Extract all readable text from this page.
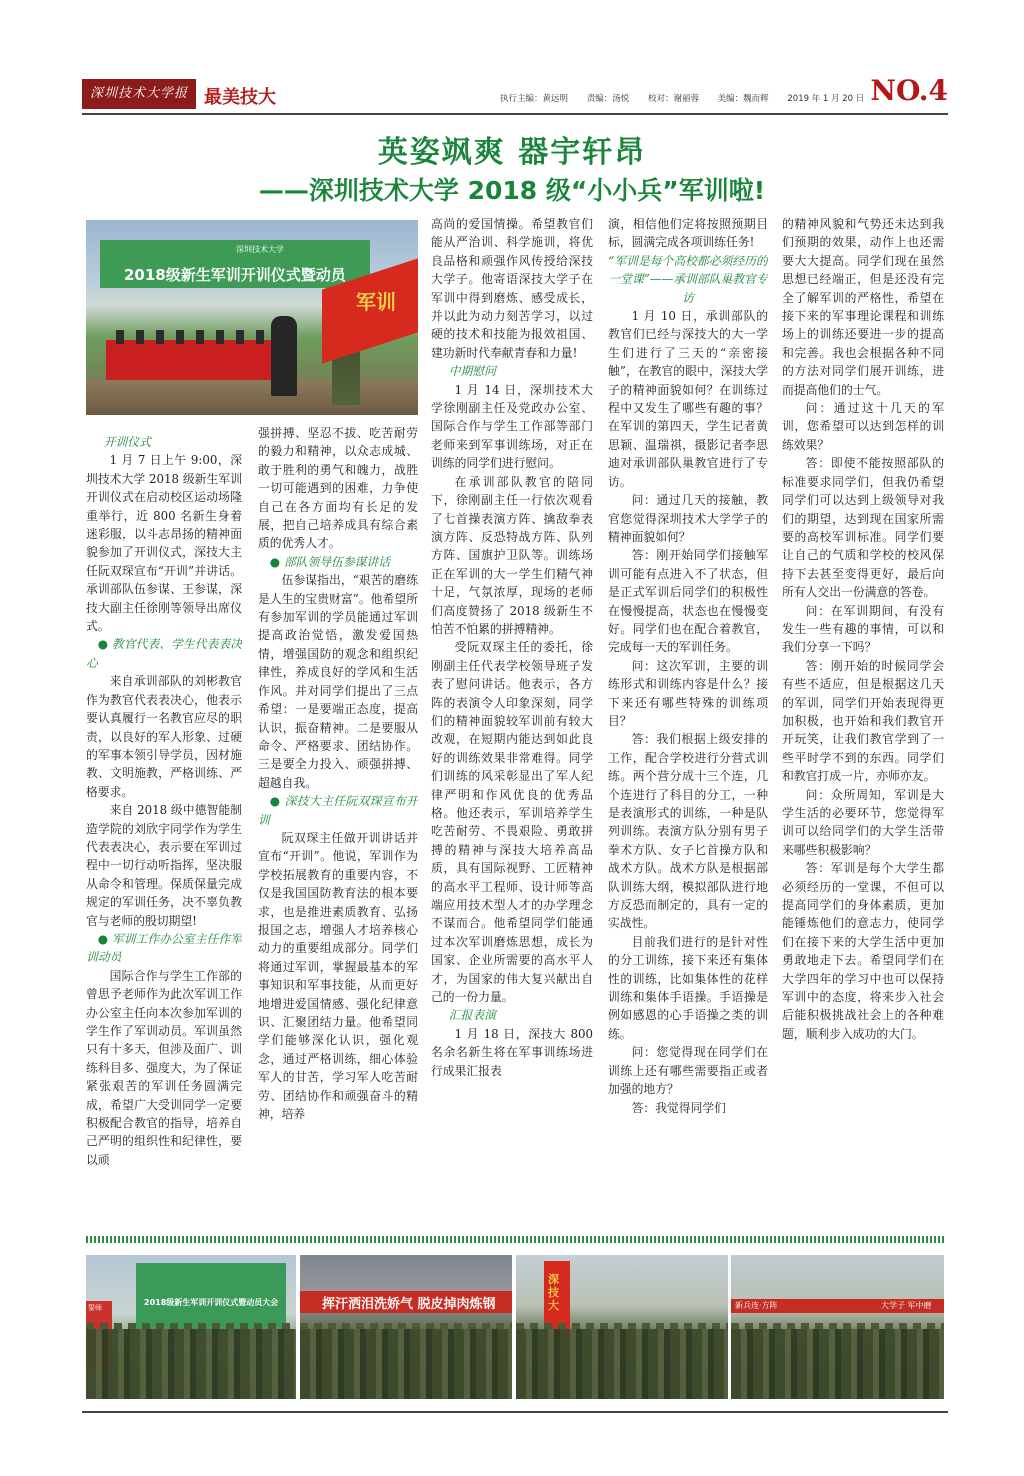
深圳技术大学报 最美技大	执行主编：黄远明 责编：汤悦 校对：谢丽蓉 美编：魏而辉 2019 年 1 月 20 日 NO.4
英姿飒爽 器宇轩昂
——深圳技术大学 2018 级“小小兵”军训啦!
2018级新生军训开训仪式暨动员
深圳技术大学
军训

开训仪式

1 月 7 日上午 9:00，深圳技术大学 2018 级新生军训开训仪式在启动校区运动场隆重举行，近 800 名新生身着迷彩服，以斗志昂扬的精神面貌参加了开训仪式，深技大主任阮双琛宣布“开训”并讲话。承训部队伍参谋、王参谋，深技大副主任徐刚等领导出席仪式。

● 教官代表、学生代表表决心

来自承训部队的刘彬教官作为教官代表表决心，他表示要认真履行一名教官应尽的职责，以良好的军人形象、过硬的军事本领引导学员，因材施教、文明施教，严格训练、严格要求。

来自 2018 级中德智能制造学院的刘欣宇同学作为学生代表表决心，表示要在军训过程中一切行动听指挥，坚决服从命令和管理。保质保量完成规定的军训任务，决不辜负教官与老师的殷切期望!

● 军训工作办公室主任作军训动员

国际合作与学生工作部的曾思予老师作为此次军训工作办公室主任向本次参加军训的学生作了军训动员。军训虽然只有十多天，但涉及面广、训练科目多、强度大，为了保证紧张艰苦的军训任务圆满完成，希望广大受训同学一定要积极配合教官的指导，培养自己严明的组织性和纪律性，要以顽

强拼搏、坚忍不拔、吃苦耐劳的毅力和精神，以众志成城、敢于胜利的勇气和魄力，战胜一切可能遇到的困难，力争使自己在各方面均有长足的发展，把自己培养成具有综合素质的优秀人才。

● 部队领导伍参谋讲话

伍参谋指出，“艰苦的磨练是人生的宝贵财富”。他希望所有参加军训的学员能通过军训提高政治觉悟，激发爱国热情，增强国防的观念和组织纪律性，养成良好的学风和生活作风。并对同学们提出了三点希望：一是要端正态度，提高认识，振奋精神。二是要服从命令、严格要求、团结协作。三是要全力投入、顽强拼搏、超越自我。

● 深技大主任阮双琛宣布开训

阮双琛主任做开训讲话并宣布“开训”。他说，军训作为学校拓展教育的重要内容，不仅是我国国防教育法的根本要求，也是推进素质教育、弘扬报国之志，增强人才培养核心动力的重要组成部分。同学们将通过军训，掌握最基本的军事知识和军事技能，从而更好地增进爱国情感、强化纪律意识、汇聚团结力量。他希望同学们能够深化认识，强化观念，通过严格训练，细心体验军人的甘苦，学习军人吃苦耐劳、团结协作和顽强奋斗的精神，培养

高尚的爱国情操。希望教官们能从严治训、科学施训，将优良品格和顽强作风传授给深技大学子。他寄语深技大学子在军训中得到磨炼、感受成长，并以此为动力刻苦学习，以过硬的技术和技能为报效祖国、建功新时代奉献青春和力量!

中期慰问

1 月 14 日，深圳技术大学徐刚副主任及党政办公室、国际合作与学生工作部等部门老师来到军事训练场，对正在训练的同学们进行慰问。

在承训部队教官的陪同下，徐刚副主任一行依次观看了七首操表演方阵、擒敌拳表演方阵、反恐特战方阵、队列方阵、国旗护卫队等。训练场正在军训的大一学生们精气神十足，气氛浓厚，现场的老师们高度赞扬了 2018 级新生不怕苦不怕累的拼搏精神。

受阮双琛主任的委托，徐刚副主任代表学校领导班子发表了慰问讲话。他表示，各方阵的表演令人印象深刻，同学们的精神面貌较军训前有较大改观，在短期内能达到如此良好的训练效果非常难得。同学们训练的风采彰显出了军人纪律严明和作风优良的优秀品格。他还表示，军训培养学生吃苦耐劳、不畏艰险、勇敢拼搏的精神与深技大培养高品质，具有国际视野、工匠精神的高水平工程师、设计师等高端应用技术型人才的办学理念不谋而合。他希望同学们能通过本次军训磨炼思想，成长为国家、企业所需要的高水平人才，为国家的伟大复兴献出自己的一份力量。

汇报表演

1 月 18 日，深技大 800 名余名新生将在军事训练场进行成果汇报表

演，相信他们定将按照预期目标，圆满完成各项训练任务!

“军训是每个高校都必须经历的一堂课”——承训部队巢教官专访

1 月 10 日，承训部队的教官们已经与深技大的大一学生们进行了三天的“亲密接触”，在教官的眼中，深技大学子的精神面貌如何？在训练过程中又发生了哪些有趣的事？在军训的第四天，学生记者黄思颖、温瑞祺，摄影记者李思迪对承训部队巢教官进行了专访。

问：通过几天的接触，教官您觉得深圳技术大学学子的精神面貌如何？

答：刚开始同学们接触军训可能有点进入不了状态，但是正式军训后同学们的积极性在慢慢提高，状态也在慢慢变好。同学们也在配合着教官，完成每一天的军训任务。

问：这次军训，主要的训练形式和训练内容是什么？接下来还有哪些特殊的训练项目？

答：我们根据上级安排的工作，配合学校进行分营式训练。两个营分成十三个连，几个连进行了科目的分工，一种是表演形式的训练，一种是队列训练。表演方队分别有男子拳术方队、女子匕首操方队和战术方队。战术方队是根据部队训练大纲，模拟部队进行地方反恐而制定的，具有一定的实战性。

目前我们进行的是针对性的分工训练，接下来还有集体性的训练，比如集体性的花样训练和集体手语操。手语操是例如感恩的心手语操之类的训练。

问：您觉得现在同学们在训练上还有哪些需要指正或者加强的地方？

答：我觉得同学们

的精神风貌和气势还未达到我们预期的效果，动作上也还需要大大提高。同学们现在虽然思想已经端正，但是还没有完全了解军训的严格性，希望在接下来的军事理论课程和训练场上的训练还要进一步的提高和完善。我也会根据各种不同的方法对同学们展开训练，进而提高他们的士气。

问：通过这十几天的军训，您希望可以达到怎样的训练效果？

答：即使不能按照部队的标准要求同学们，但我仍希望同学们可以达到上级领导对我们的期望，达到现在国家所需要的高校军训标准。同学们要让自己的气质和学校的校风保持下去甚至变得更好，最后向所有人交出一份满意的答卷。

问：在军训期间，有没有发生一些有趣的事情，可以和我们分享一下吗？

答：刚开始的时候同学会有些不适应，但是根据这几天的军训，同学们开始表现得更加积极，也开始和我们教官开开玩笑，让我们教官学到了一些平时学不到的东西。同学们和教官打成一片，亦师亦友。

问：众所周知，军训是大学生活的必要环节，您觉得军训可以给同学们的大学生活带来哪些积极影响？

答：军训是每个大学生都必须经历的一堂课，不但可以提高同学们的身体素质，更加能锤炼他们的意志力，使同学们在接下来的大学生活中更加勇敢地走下去。希望同学们在大学四年的学习中也可以保持军训中的态度，将来步入社会后能积极挑战社会上的各种难题，顺利步入成功的大门。

2018级新生军训开训仪式暨动员大会
誓师	挥汗洒泪洗娇气 脱皮掉肉炼钢
深技大	新兵连·方阵	大学子 军中磨
